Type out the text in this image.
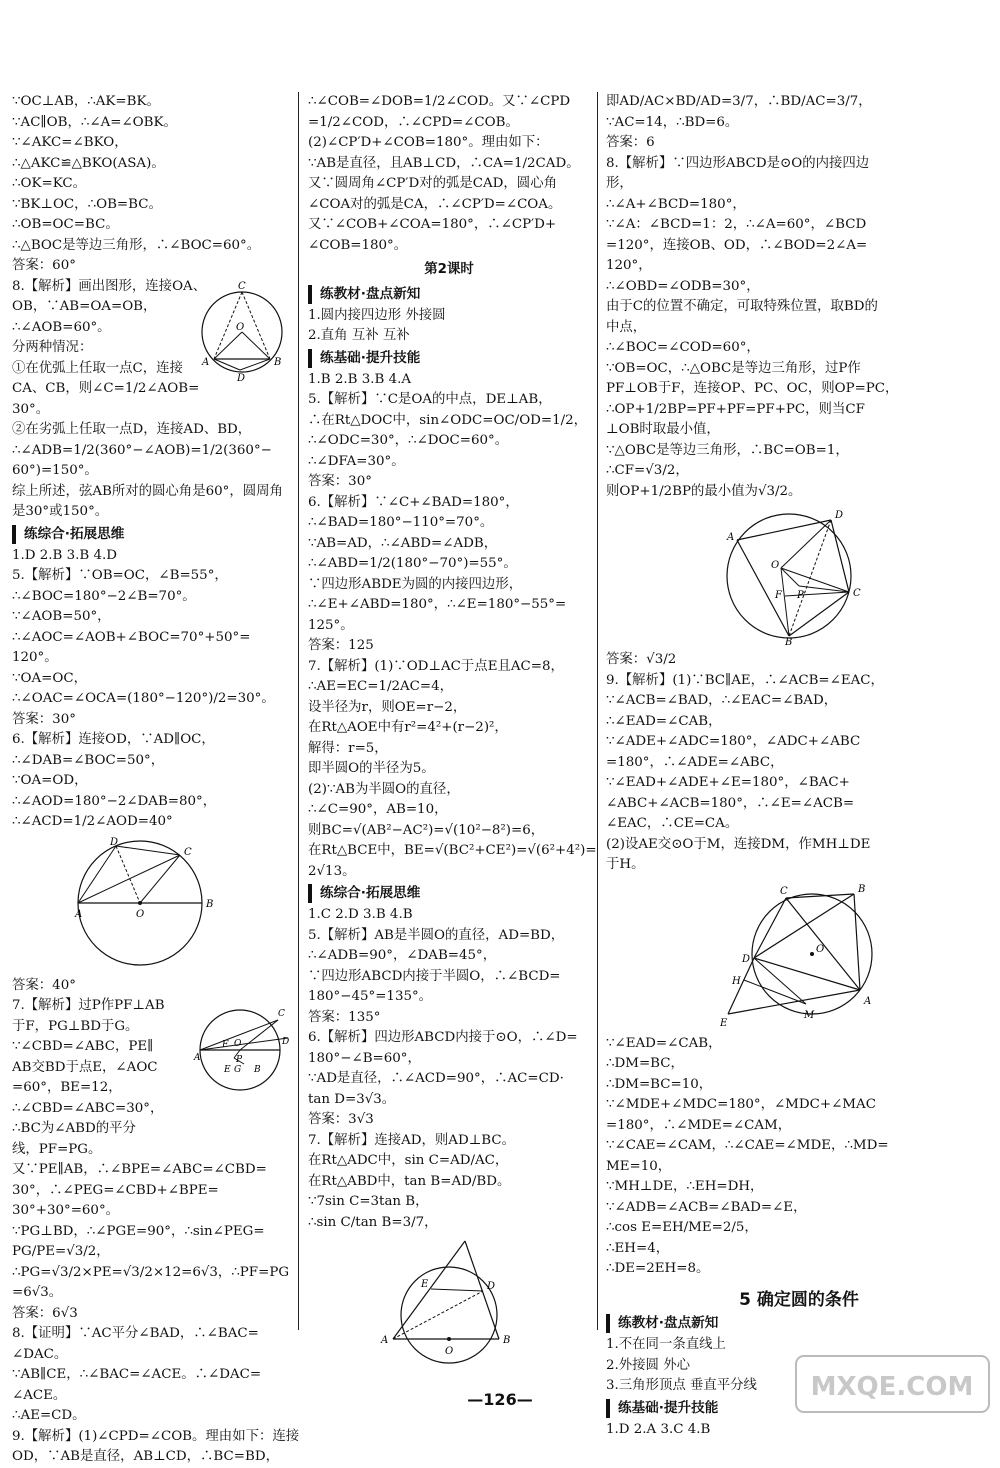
∵OC⊥AB，∴AK=BK。
∵AC∥OB，∴∠A=∠OBK。
∵∠AKC=∠BKO，
∴△AKC≌△BKO(ASA)。
∴OK=KC。
∵BK⊥OC，∴OB=BC。
∴OB=OC=BC。
∴△BOC是等边三角形，∴∠BOC=60°。
答案：60°
C
O
A
D
B
8.【解析】画出图形，连接OA、
OB，∵AB=OA=OB，
∴∠AOB=60°。
分两种情况：
①在优弧上任取一点C，连接
CA、CB，则∠C=1/2∠AOB=
30°。
②在劣弧上任取一点D，连接AD、BD，
∴∠ADB=1/2(360°−∠AOB)=1/2(360°−
60°)=150°。
综上所述，弦AB所对的圆心角是60°，圆周角
是30°或150°。
练综合·拓展思维
1.D 2.B 3.B 4.D
5.【解析】∵OB=OC，∠B=55°，
∴∠BOC=180°−2∠B=70°。
∵∠AOB=50°，
∴∠AOC=∠AOB+∠BOC=70°+50°=
120°。
∵OA=OC，
∴∠OAC=∠OCA=(180°−120°)/2=30°。
答案：30°
6.【解析】连接OD，∵AD∥OC，
∴∠DAB=∠BOC=50°，
∵OA=OD，
∴∠AOD=180°−2∠DAB=80°，
∴∠ACD=1/2∠AOD=40°
D
C
A	O
B
答案：40°
C
F O
P
A
E G B
D
7.【解析】过P作PF⊥AB
于F，PG⊥BD于G。
∵∠CBD=∠ABC，PE∥
AB交BD于点E，∠AOC
=60°，BE=12，
∴∠CBD=∠ABC=30°，
∴BC为∠ABD的平分
线，PF=PG。
又∵PE∥AB，∴∠BPE=∠ABC=∠CBD=
30°，∴∠PEG=∠CBD+∠BPE=
30°+30°=60°。
∵PG⊥BD，∴∠PGE=90°，∴sin∠PEG=
PG/PE=√3/2，
∴PG=√3/2×PE=√3/2×12=6√3，∴PF=PG
=6√3。
答案：6√3
8.【证明】∵AC平分∠BAD，∴∠BAC=
∠DAC。
∵AB∥CE，∴∠BAC=∠ACE。∴∠DAC=
∠ACE。
∴AE=CD。
9.【解析】(1)∠CPD=∠COB。理由如下：连接
OD，∵AB是直径，AB⊥CD，∴BC=BD，
∴∠COB=∠DOB=1/2∠COD。又∵∠CPD
=1/2∠COD，∴∠CPD=∠COB。
(2)∠CP′D+∠COB=180°。理由如下：
∵AB是直径，且AB⊥CD，∴CA=1/2CAD。
又∵圆周角∠CP′D对的弧是CAD，圆心角
∠COA对的弧是CA，∴∠CP′D=∠COA。
又∵∠COB+∠COA=180°，∴∠CP′D+
∠COB=180°。
第2课时
练教材·盘点新知
1.圆内接四边形 外接圆
2.直角 互补 互补
练基础·提升技能
1.B 2.B 3.B 4.A
5.【解析】∵C是OA的中点，DE⊥AB，
∴在Rt△DOC中，sin∠ODC=OC/OD=1/2，
∴∠ODC=30°，∴∠DOC=60°。
∴∠DFA=30°。
答案：30°
6.【解析】∵∠C+∠BAD=180°，
∴∠BAD=180°−110°=70°。
∵AB=AD，∴∠ABD=∠ADB，
∴∠ABD=1/2(180°−70°)=55°。
∵四边形ABDE为圆的内接四边形，
∴∠E+∠ABD=180°，∴∠E=180°−55°=
125°。
答案：125
7.【解析】(1)∵OD⊥AC于点E且AC=8，
∴AE=EC=1/2AC=4，
设半径为r，则OE=r−2，
在Rt△AOE中有r²=4²+(r−2)²，
解得：r=5，
即半圆O的半径为5。
(2)∵AB为半圆O的直径，
∴∠C=90°，AB=10，
则BC=√(AB²−AC²)=√(10²−8²)=6，
在Rt△BCE中，BE=√(BC²+CE²)=√(6²+4²)=
2√13。
练综合·拓展思维
1.C 2.D 3.B 4.B
5.【解析】AB是半圆O的直径，AD=BD，
∴∠ADB=90°，∠DAB=45°，
∵四边形ABCD内接于半圆O，∴∠BCD=
180°−45°=135°。
答案：135°
6.【解析】四边形ABCD内接于⊙O，∴∠D=
180°−∠B=60°，
∵AD是直径，∴∠ACD=90°，∴AC=CD·
tan D=3√3。
答案：3√3
7.【解析】连接AD，则AD⊥BC。
在Rt△ADC中，sin C=AD/AC，
在Rt△ABD中，tan B=AD/BD。
∵7sin C=3tan B，
∴sin C/tan B=3/7，
E	D
A
O
B
即AD/AC×BD/AD=3/7，∴BD/AC=3/7，
∵AC=14，∴BD=6。
答案：6
8.【解析】∵四边形ABCD是⊙O的内接四边
形，
∴∠A+∠BCD=180°，
∵∠A：∠BCD=1：2，∴∠A=60°，∠BCD
=120°，连接OB、OD，∴∠BOD=2∠A=
120°，
∴∠OBD=∠ODB=30°，
由于C的位置不确定，可取特殊位置，取BD的
中点，
∴∠BOC=∠COD=60°，
∵OB=OC，∴△OBC是等边三角形，过P作
PF⊥OB于F，连接OP、PC、OC，则OP=PC，
∴OP+1/2BP=PF+PF=PF+PC，则当CF
⊥OB时取最小值，
∵△OBC是等边三角形，∴BC=OB=1，
∴CF=√3/2，
则OP+1/2BP的最小值为√3/2。
A
D
O
F P	C
B
答案：√3/2
9.【解析】(1)∵BC∥AE，∴∠ACB=∠EAC，
∵∠ACB=∠BAD，∴∠EAC=∠BAD，
∴∠EAD=∠CAB，
∵∠ADE+∠ADC=180°，∠ADC+∠ABC
=180°，∴∠ADE=∠ABC，
∵∠EAD+∠ADE+∠E=180°，∠BAC+
∠ABC+∠ACB=180°，∴∠E=∠ACB=
∠EAC，∴CE=CA。
(2)设AE交⊙O于M，连接DM，作MH⊥DE
于H。
C	B
O
D
H
E
M
A
∵∠EAD=∠CAB，
∴DM=BC，
∴DM=BC=10，
∵∠MDE+∠MDC=180°，∠MDC+∠MAC
=180°，∴∠MDE=∠CAM，
∵∠CAE=∠CAM，∴∠CAE=∠MDE，∴MD=
ME=10，
∵MH⊥DE，∴EH=DH，
∵∠ADB=∠ACB=∠BAD=∠E，
∴cos E=EH/ME=2/5，
∴EH=4，
∴DE=2EH=8。
5 确定圆的条件
练教材·盘点新知
1.不在同一条直线上
2.外接圆 外心
3.三角形顶点 垂直平分线
练基础·提升技能
1.D 2.A 3.C 4.B
—126—	MXQE.COM
